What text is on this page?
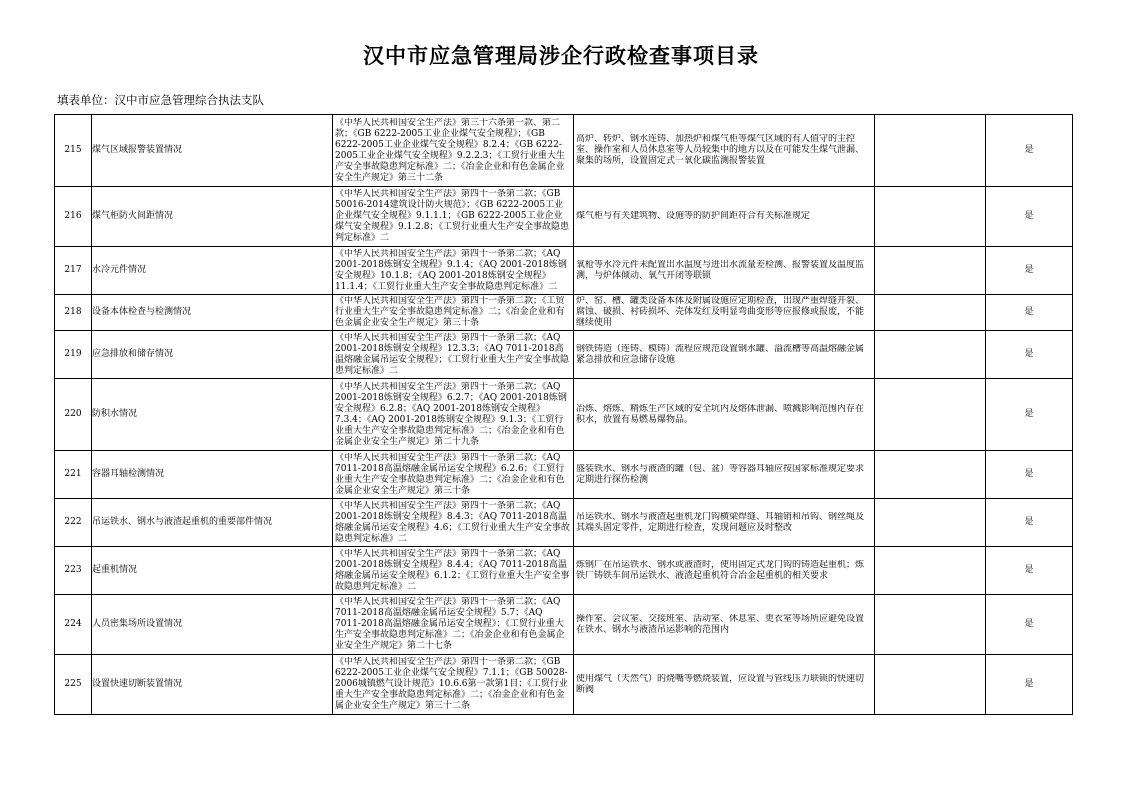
汉中市应急管理局涉企行政检查事项目录
填表单位：汉中市应急管理综合执法支队
215	煤气区域报警装置情况	《中华人民共和国安全生产法》第三十六条第一款、第二款；《GB 6222-2005工业企业煤气安全规程》；《GB 6222-2005工业企业煤气安全规程》8.2.4；《GB 6222-2005工业企业煤气安全规程》9.2.2.3；《工贸行业重大生产安全事故隐患判定标准》二；《冶金企业和有色金属企业安全生产规定》第三十二条	高炉、转炉、钢水连铸、加热炉和煤气柜等煤气区域的有人值守的主控室、操作室和人员休息室等人员较集中的地方以及在可能发生煤气泄漏、聚集的场所，设置固定式一氧化碳监测报警装置		是
216	煤气柜防火间距情况	《中华人民共和国安全生产法》第四十一条第二款；《GB 50016-2014建筑设计防火规范》；《GB 6222-2005工业企业煤气安全规程》9.1.1.1；《GB 6222-2005工业企业煤气安全规程》9.1.2.8；《工贸行业重大生产安全事故隐患判定标准》二	煤气柜与有关建筑物、设施等的防护间距符合有关标准规定		是
217	水冷元件情况	《中华人民共和国安全生产法》第四十一条第二款；《AQ 2001-2018炼钢安全规程》9.1.4；《AQ 2001-2018炼钢安全规程》10.1.8；《AQ 2001-2018炼钢安全规程》11.1.4；《工贸行业重大生产安全事故隐患判定标准》二	氧枪等水冷元件未配置出水温度与进出水流量差检测、报警装置及温度监测，与炉体倾动、氧气开闭等联锁		是
218	设备本体检查与检测情况	《中华人民共和国安全生产法》第四十一条第二款；《工贸行业重大生产安全事故隐患判定标准》二；《冶金企业和有色金属企业安全生产规定》第三十条	炉、窑、槽、罐类设备本体及附属设施应定期检查，出现严重焊缝开裂、腐蚀、破损、衬砖损坏、壳体发红及明显弯曲变形等应报修或报废，不能继续使用		是
219	应急排放和储存情况	《中华人民共和国安全生产法》第四十一条第二款；《AQ 2001-2018炼钢安全规程》12.3.3；《AQ 7011-2018高温熔融金属吊运安全规程》；《工贸行业重大生产安全事故隐患判定标准》二	钢铁铸造（连铸、模铸）流程应规范设置钢水罐、溢流槽等高温熔融金属紧急排放和应急储存设施		是
220	防积水情况	《中华人民共和国安全生产法》第四十一条第二款；《AQ 2001-2018炼钢安全规程》6.2.7；《AQ 2001-2018炼钢安全规程》6.2.8；《AQ 2001-2018炼钢安全规程》7.3.4；《AQ 2001-2018炼钢安全规程》9.1.3；《工贸行业重大生产安全事故隐患判定标准》二；《冶金企业和有色金属企业安全生产规定》第二十九条	冶炼、熔炼、精炼生产区域的安全坑内及熔体泄漏、喷溅影响范围内存在积水，放置有易燃易爆物品。		是
221	容器耳轴检测情况	《中华人民共和国安全生产法》第四十一条第二款；《AQ 7011-2018高温熔融金属吊运安全规程》6.2.6；《工贸行业重大生产安全事故隐患判定标准》二；《冶金企业和有色金属企业安全生产规定》第三十条	盛装铁水、钢水与液渣的罐（包、盆）等容器耳轴应按国家标准规定要求定期进行探伤检测		是
222	吊运铁水、钢水与液渣起重机的重要部件情况	《中华人民共和国安全生产法》第四十一条第二款；《AQ 2001-2018炼钢安全规程》8.4.3；《AQ 7011-2018高温熔融金属吊运安全规程》4.6；《工贸行业重大生产安全事故隐患判定标准》二	吊运铁水、钢水与液渣起重机龙门钩横梁焊缝、耳轴销和吊钩、钢丝绳及其端头固定零件，定期进行检查，发现问题应及时整改		是
223	起重机情况	《中华人民共和国安全生产法》第四十一条第二款；《AQ 2001-2018炼钢安全规程》8.4.4；《AQ 7011-2018高温熔融金属吊运安全规程》6.1.2；《工贸行业重大生产安全事故隐患判定标准》二	炼钢厂在吊运铁水、钢水或液渣时，使用固定式龙门钩的铸造起重机；炼铁厂铸铁车间吊运铁水、液渣起重机符合冶金起重机的相关要求		是
224	人员密集场所设置情况	《中华人民共和国安全生产法》第四十一条第二款；《AQ 7011-2018高温熔融金属吊运安全规程》5.7；《AQ 7011-2018高温熔融金属吊运安全规程》；《工贸行业重大生产安全事故隐患判定标准》二；《冶金企业和有色金属企业安全生产规定》第二十七条	操作室、会议室、交接班室、活动室、休息室、更衣室等场所应避免设置在铁水、钢水与液渣吊运影响的范围内		是
225	设置快速切断装置情况	《中华人民共和国安全生产法》第四十一条第二款；《GB 6222-2005工业企业煤气安全规程》7.1.1；《GB 50028-2006城镇燃气设计规范》10.6.6第一款第1目；《工贸行业重大生产安全事故隐患判定标准》二；《冶金企业和有色金属企业安全生产规定》第三十二条	使用煤气（天然气）的烧嘴等燃烧装置，应设置与管线压力联锁的快速切断阀		是
